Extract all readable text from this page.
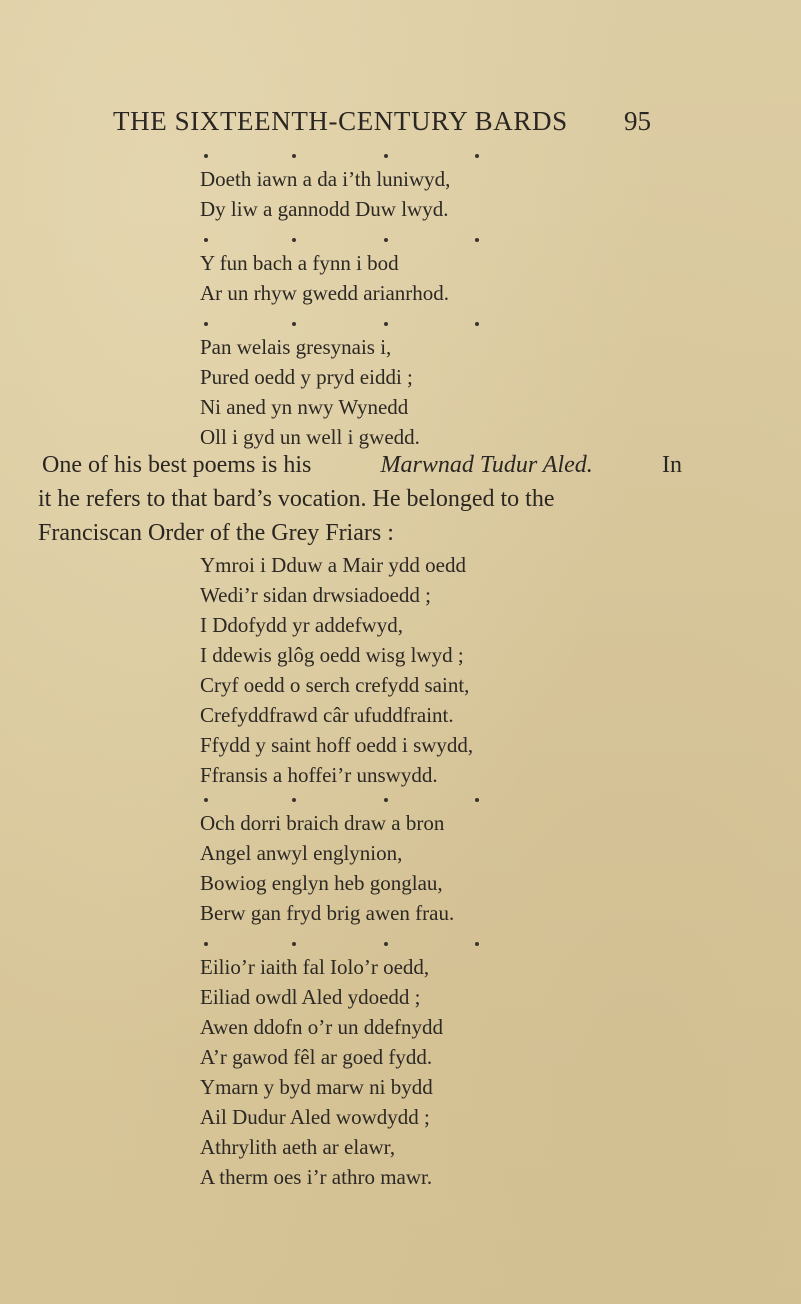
THE SIXTEENTH-CENTURY BARDS 95
Doeth iawn a da i’th luniwyd,
Dy liw a gannodd Duw lwyd.
Y fun bach a fynn i bod
Ar un rhyw gwedd arianrhod.
Pan welais gresynais i,
Pured oedd y pryd eiddi ;
Ni aned yn nwy Wynedd
Oll i gyd un well i gwedd.
One of his best poems is his	Marwnad Tudur Aled.	In
it he refers to that bard’s vocation. He belonged to the
Franciscan Order of the Grey Friars :
Ymroi i Dduw a Mair ydd oedd
Wedi’r sidan drwsiadoedd ;
I Ddofydd yr addefwyd,
I ddewis glôg oedd wisg lwyd ;
Cryf oedd o serch crefydd saint,
Crefyddfrawd câr ufuddfraint.
Ffydd y saint hoff oedd i swydd,
Ffransis a hoffei’r unswydd.
Och dorri braich draw a bron
Angel anwyl englynion,
Bowiog englyn heb gonglau,
Berw gan fryd brig awen frau.
Eilio’r iaith fal Iolo’r oedd,
Eiliad owdl Aled ydoedd ;
Awen ddofn o’r un ddefnydd
A’r gawod fêl ar goed fydd.
Ymarn y byd marw ni bydd
Ail Dudur Aled wowdydd ;
Athrylith aeth ar elawr,
A therm oes i’r athro mawr.
